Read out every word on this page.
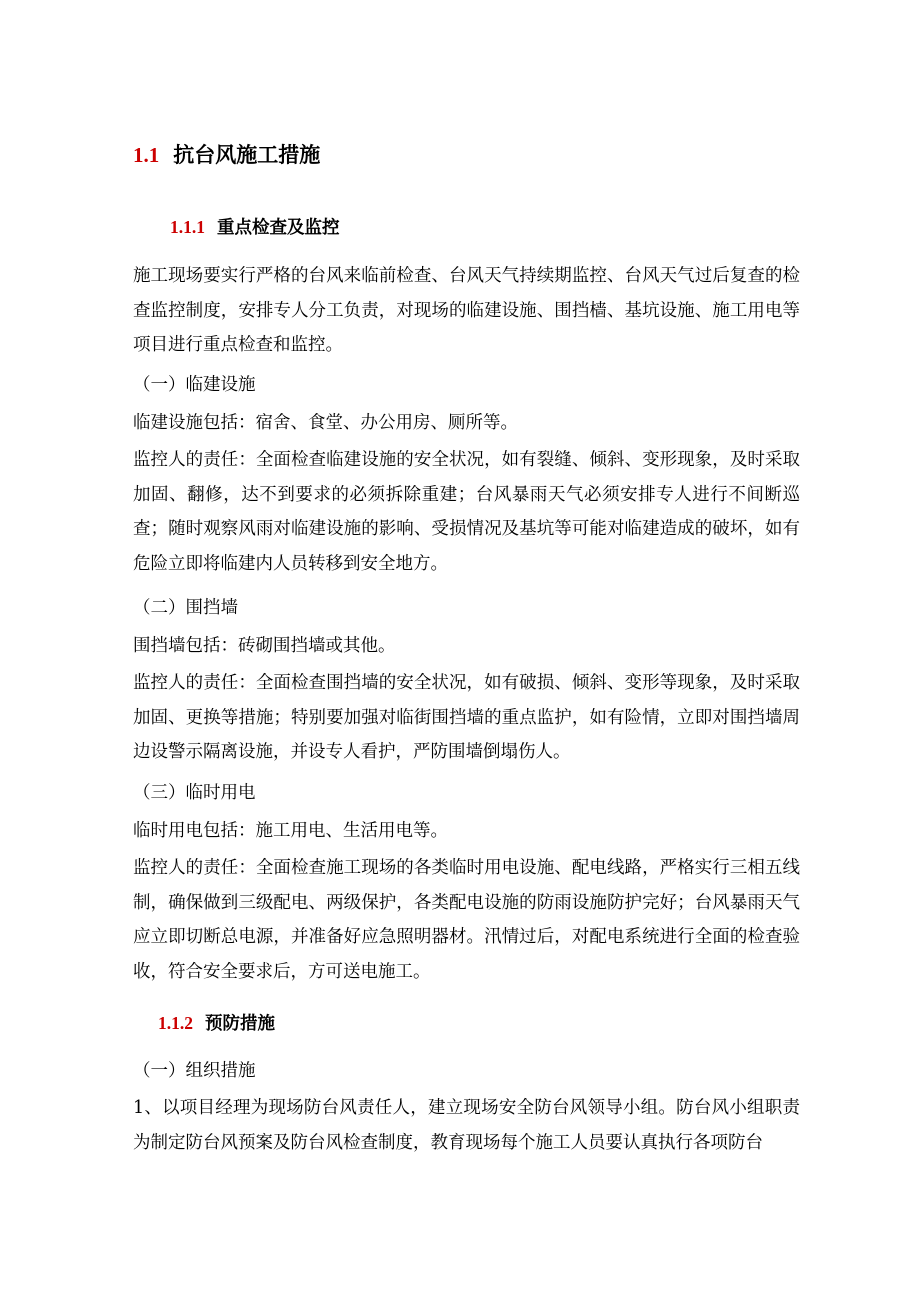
1.1 抗台风施工措施
1.1.1 重点检查及监控
施工现场要实行严格的台风来临前检查、台风天气持续期监控、台风天气过后复查的检查监控制度，安排专人分工负责，对现场的临建设施、围挡樯、基坑设施、施工用电等项目进行重点检查和监控。
（一）临建设施
临建设施包括：宿舍、食堂、办公用房、厕所等。
监控人的责任：全面检查临建设施的安全状况，如有裂缝、倾斜、变形现象，及时采取加固、翻修，达不到要求的必须拆除重建；台风暴雨天气必须安排专人进行不间断巡查；随时观察风雨对临建设施的影响、受损情况及基坑等可能对临建造成的破坏，如有危险立即将临建内人员转移到安全地方。
（二）围挡墙
围挡墙包括：砖砌围挡墙或其他。
监控人的责任：全面检查围挡墙的安全状况，如有破损、倾斜、变形等现象，及时采取加固、更换等措施；特别要加强对临街围挡墙的重点监护，如有险情，立即对围挡墙周边设警示隔离设施，并设专人看护，严防围墙倒塌伤人。
（三）临时用电
临时用电包括：施工用电、生活用电等。
监控人的责任：全面检查施工现场的各类临时用电设施、配电线路，严格实行三相五线制，确保做到三级配电、两级保护，各类配电设施的防雨设施防护完好；台风暴雨天气应立即切断总电源，并准备好应急照明器材。汛情过后，对配电系统进行全面的检查验收，符合安全要求后，方可送电施工。
1.1.2 预防措施
（一）组织措施
1、以项目经理为现场防台风责任人，建立现场安全防台风领导小组。防台风小组职责为制定防台风预案及防台风检查制度，教育现场每个施工人员要认真执行各项防台
